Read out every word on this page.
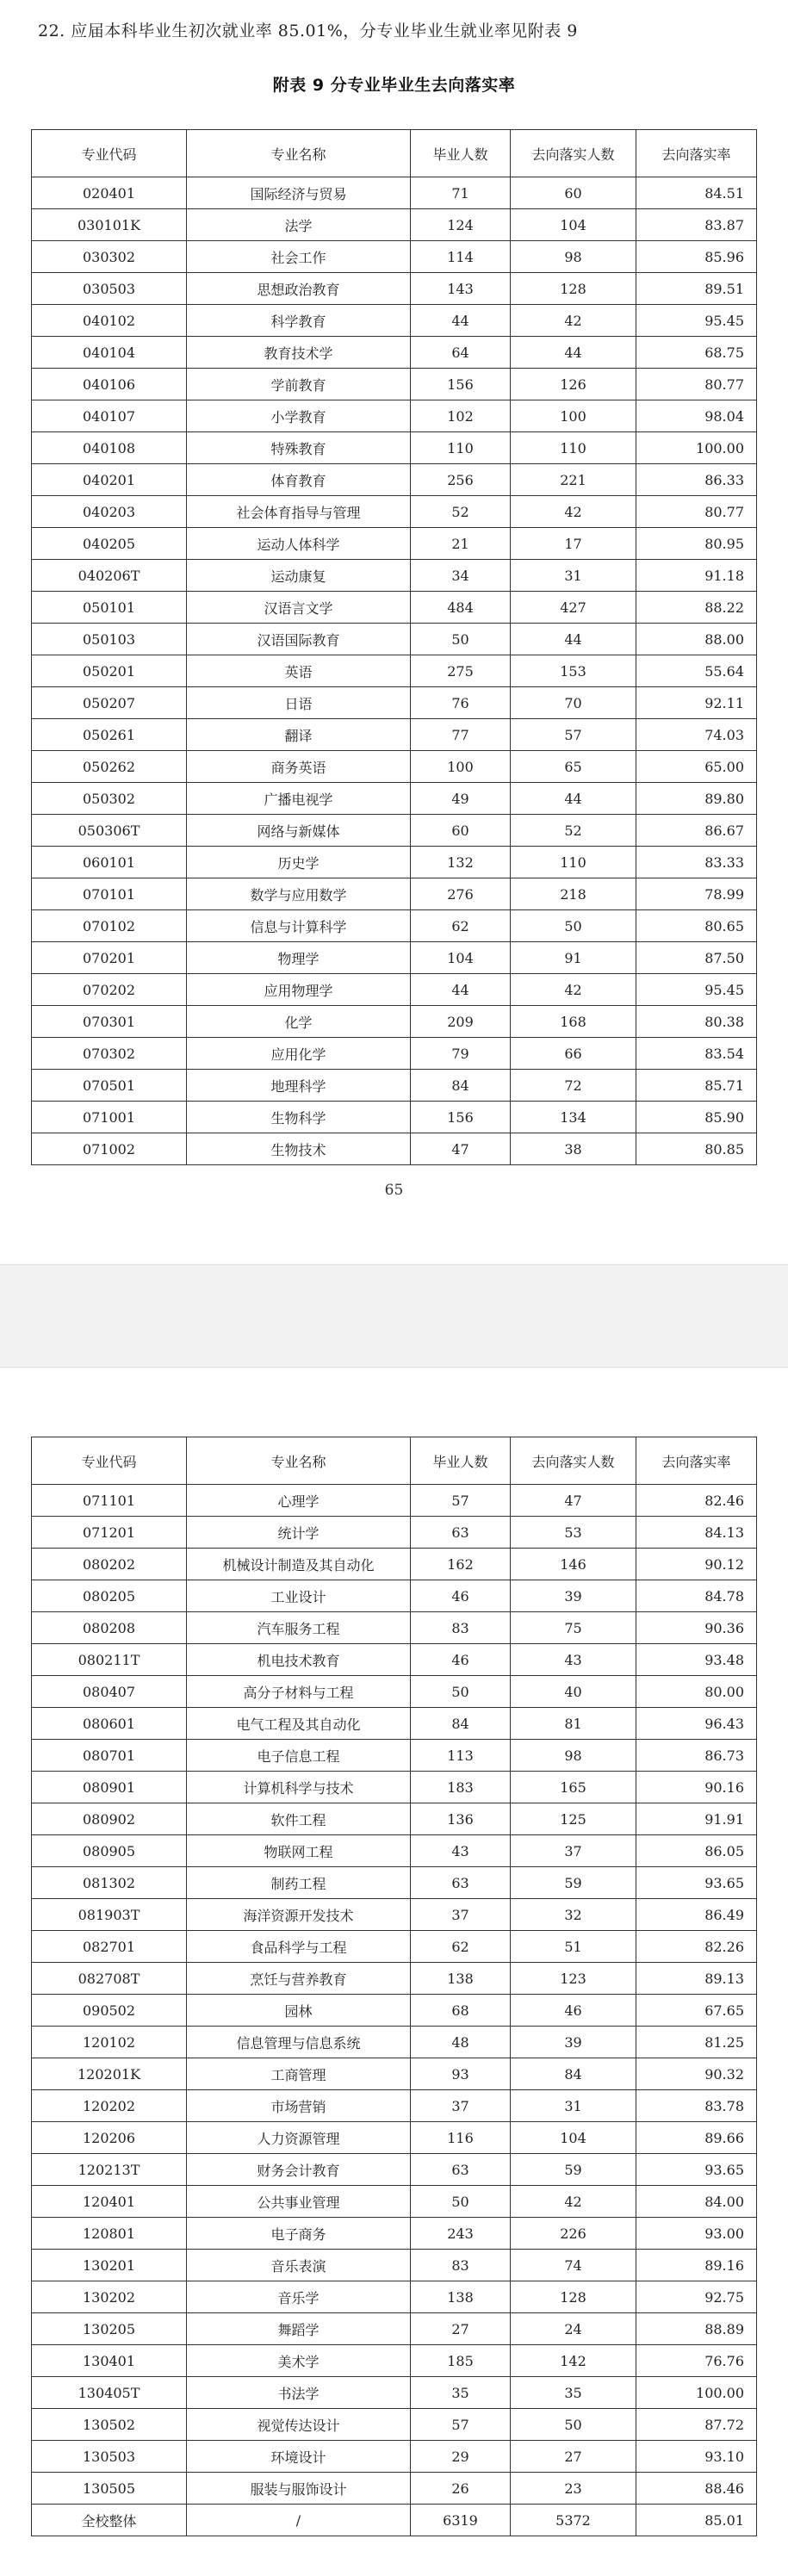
22. 应届本科毕业生初次就业率 85.01%，分专业毕业生就业率见附表 9
附表 9 分专业毕业生去向落实率
专业代码	专业名称	毕业人数	去向落实人数	去向落实率
020401	国际经济与贸易	71	60	84.51
030101K	法学	124	104	83.87
030302	社会工作	114	98	85.96
030503	思想政治教育	143	128	89.51
040102	科学教育	44	42	95.45
040104	教育技术学	64	44	68.75
040106	学前教育	156	126	80.77
040107	小学教育	102	100	98.04
040108	特殊教育	110	110	100.00
040201	体育教育	256	221	86.33
040203	社会体育指导与管理	52	42	80.77
040205	运动人体科学	21	17	80.95
040206T	运动康复	34	31	91.18
050101	汉语言文学	484	427	88.22
050103	汉语国际教育	50	44	88.00
050201	英语	275	153	55.64
050207	日语	76	70	92.11
050261	翻译	77	57	74.03
050262	商务英语	100	65	65.00
050302	广播电视学	49	44	89.80
050306T	网络与新媒体	60	52	86.67
060101	历史学	132	110	83.33
070101	数学与应用数学	276	218	78.99
070102	信息与计算科学	62	50	80.65
070201	物理学	104	91	87.50
070202	应用物理学	44	42	95.45
070301	化学	209	168	80.38
070302	应用化学	79	66	83.54
070501	地理科学	84	72	85.71
071001	生物科学	156	134	85.90
071002	生物技术	47	38	80.85
65
专业代码	专业名称	毕业人数	去向落实人数	去向落实率
071101	心理学	57	47	82.46
071201	统计学	63	53	84.13
080202	机械设计制造及其自动化	162	146	90.12
080205	工业设计	46	39	84.78
080208	汽车服务工程	83	75	90.36
080211T	机电技术教育	46	43	93.48
080407	高分子材料与工程	50	40	80.00
080601	电气工程及其自动化	84	81	96.43
080701	电子信息工程	113	98	86.73
080901	计算机科学与技术	183	165	90.16
080902	软件工程	136	125	91.91
080905	物联网工程	43	37	86.05
081302	制药工程	63	59	93.65
081903T	海洋资源开发技术	37	32	86.49
082701	食品科学与工程	62	51	82.26
082708T	烹饪与营养教育	138	123	89.13
090502	园林	68	46	67.65
120102	信息管理与信息系统	48	39	81.25
120201K	工商管理	93	84	90.32
120202	市场营销	37	31	83.78
120206	人力资源管理	116	104	89.66
120213T	财务会计教育	63	59	93.65
120401	公共事业管理	50	42	84.00
120801	电子商务	243	226	93.00
130201	音乐表演	83	74	89.16
130202	音乐学	138	128	92.75
130205	舞蹈学	27	24	88.89
130401	美术学	185	142	76.76
130405T	书法学	35	35	100.00
130502	视觉传达设计	57	50	87.72
130503	环境设计	29	27	93.10
130505	服装与服饰设计	26	23	88.46
全校整体	/	6319	5372	85.01
